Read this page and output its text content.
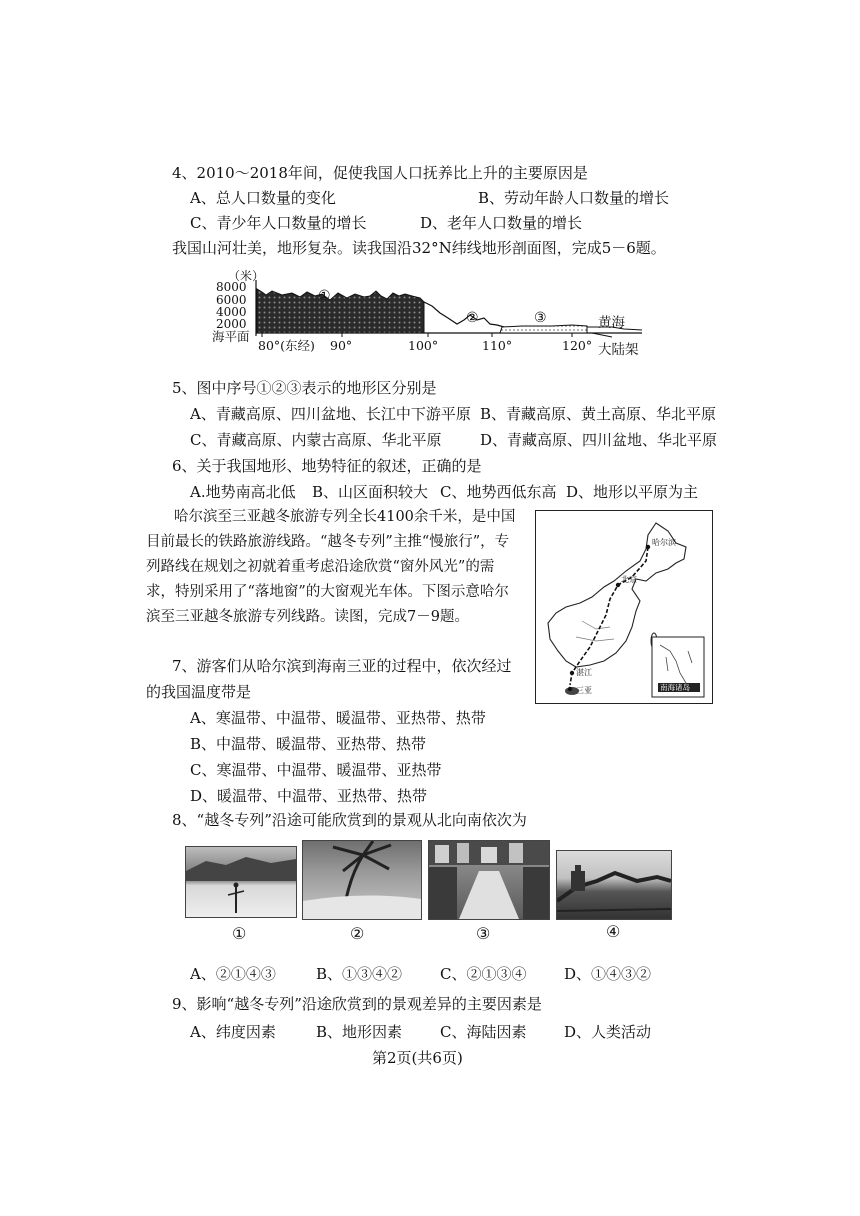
4、2010～2018年间，促使我国人口抚养比上升的主要原因是
A、总人口数量的变化	B、劳动年龄人口数量的增长
C、青少年人口数量的增长	D、老年人口数量的增长
我国山河壮美，地形复杂。读我国沿32°N纬线地形剖面图，完成5－6题。
（米）
8000
6000
4000
2000
海平面
①
②	③	黄海
80°(东经) 90°	100°	110°	120° 大陆架
5、图中序号①②③表示的地形区分别是
A、青藏高原、四川盆地、长江中下游平原 B、青藏高原、黄土高原、华北平原
C、青藏高原、内蒙古高原、华北平原	D、青藏高原、四川盆地、华北平原
6、关于我国地形、地势特征的叙述，正确的是
A.地势南高北低 B、山区面积较大 C、地势西低东高 D、地形以平原为主
哈尔滨至三亚越冬旅游专列全长4100余千米，是中国目前最长的铁路旅游线路。“越冬专列”主推“慢旅行”，专列路线在规划之初就着重考虑沿途欣赏“窗外风光”的需求，特别采用了“落地窗”的大窗观光车体。下图示意哈尔滨至三亚越冬旅游专列线路。读图，完成7－9题。
哈尔滨
北京
湛江
三亚	南海诸岛
7、游客们从哈尔滨到海南三亚的过程中，依次经过
的我国温度带是
A、寒温带、中温带、暖温带、亚热带、热带
B、中温带、暖温带、亚热带、热带
C、寒温带、中温带、暖温带、亚热带
D、暖温带、中温带、亚热带、热带
8、“越冬专列”沿途可能欣赏到的景观从北向南依次为
①	②	③	④
A、②①④③	B、①③④②	C、②①③④	D、①④③②
9、影响“越冬专列”沿途欣赏到的景观差异的主要因素是
A、纬度因素	B、地形因素	C、海陆因素	D、人类活动
第2页(共6页)
